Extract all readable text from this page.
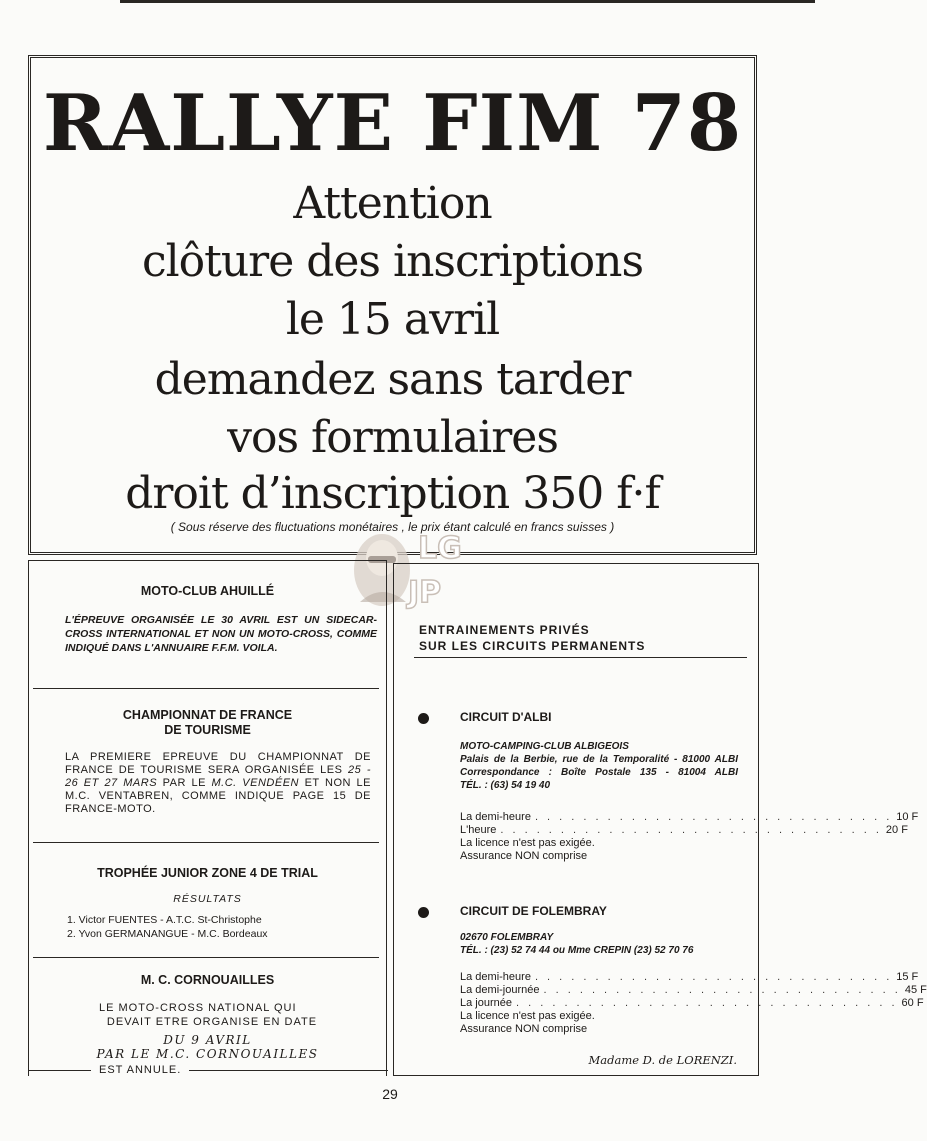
RALLYE FIM 78
Attention
clôture des inscriptions
le 15 avril
demandez sans tarder
vos formulaires
droit d’inscription 350 f·f
( Sous réserve des fluctuations monétaires , le prix étant calculé en francs suisses )
LG
JP
MOTO-CLUB AHUILLÉ
L'ÉPREUVE ORGANISÉE LE 30 AVRIL EST UN SIDECAR-CROSS INTERNATIONAL ET NON UN MOTO-CROSS, COMME INDIQUÉ DANS L'ANNUAIRE F.F.M. VOILA.
CHAMPIONNAT DE FRANCE
DE TOURISME
LA PREMIERE EPREUVE DU CHAMPIONNAT DE FRANCE DE TOURISME SERA ORGANISÉE LES 25 - 26 ET 27 MARS PAR LE M.C. VENDÉEN ET NON LE M.C. VENTABREN, COMME INDIQUE PAGE 15 DE FRANCE-MOTO.
TROPHÉE JUNIOR ZONE 4 DE TRIAL
RÉSULTATS
1. Victor FUENTES - A.T.C. St-Christophe
2. Yvon GERMANANGUE - M.C. Bordeaux
M. C. CORNOUAILLES
LE MOTO-CROSS NATIONAL QUI
DEVAIT ETRE ORGANISE EN DATE
DU 9 AVRIL
PAR LE M.C. CORNOUAILLES
EST ANNULE.
ENTRAINEMENTS PRIVÉS
SUR LES CIRCUITS PERMANENTS
CIRCUIT D'ALBI
MOTO-CAMPING-CLUB ALBIGEOIS
Palais de la Berbie, rue de la Temporalité - 81000 ALBI
Correspondance : Boîte Postale 135 - 81004 ALBI
TÉL. : (63) 54 19 40
La demi-heure . . . . . . . . . . . . . . . . . . . . . . . . . . . . . . 10 F
L'heure . . . . . . . . . . . . . . . . . . . . . . . . . . . . . . . . 20 F
La licence n'est pas exigée.
Assurance NON comprise
CIRCUIT DE FOLEMBRAY
02670 FOLEMBRAY
TÉL. : (23) 52 74 44 ou Mme CREPIN (23) 52 70 76
La demi-heure . . . . . . . . . . . . . . . . . . . . . . . . . . . . . . 15 F
La demi-journée . . . . . . . . . . . . . . . . . . . . . . . . . . . . . . 45 F
La journée . . . . . . . . . . . . . . . . . . . . . . . . . . . . . . . . 60 F
La licence n'est pas exigée.
Assurance NON comprise
Madame D. de LORENZI.
29
